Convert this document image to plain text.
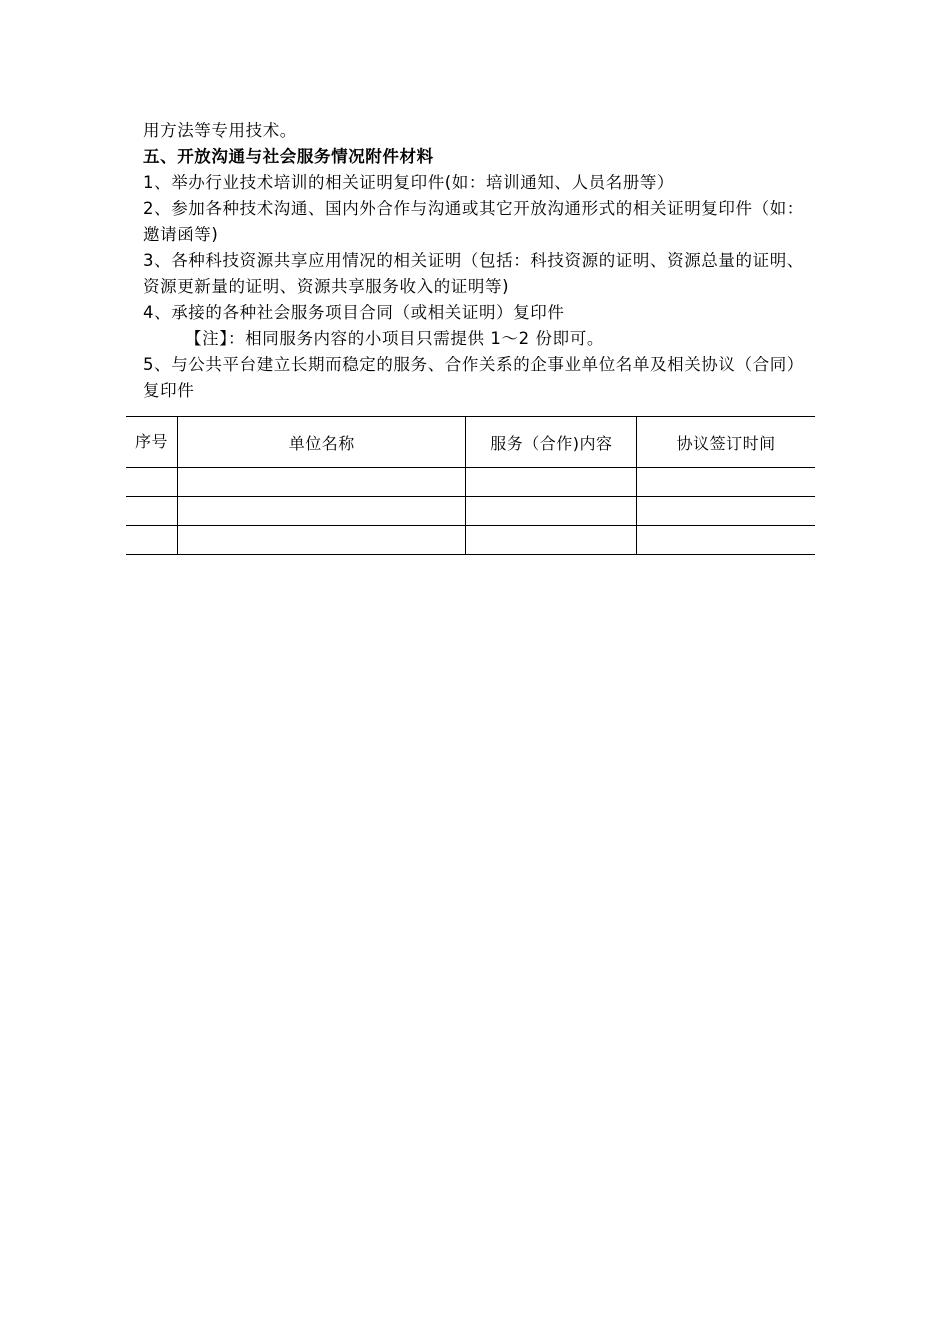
用方法等专用技术。
五、开放沟通与社会服务情况附件材料
1、举办行业技术培训的相关证明复印件(如：培训通知、人员名册等）
2、参加各种技术沟通、国内外合作与沟通或其它开放沟通形式的相关证明复印件（如：邀请函等)
3、各种科技资源共享应用情况的相关证明（包括：科技资源的证明、资源总量的证明、资源更新量的证明、资源共享服务收入的证明等)
4、承接的各种社会服务项目合同（或相关证明）复印件
【注】：相同服务内容的小项目只需提供 1～2 份即可。
5、与公共平台建立长期而稳定的服务、合作关系的企事业单位名单及相关协议（合同）复印件
序号	单位名称	服务（合作)内容	协议签订时间
